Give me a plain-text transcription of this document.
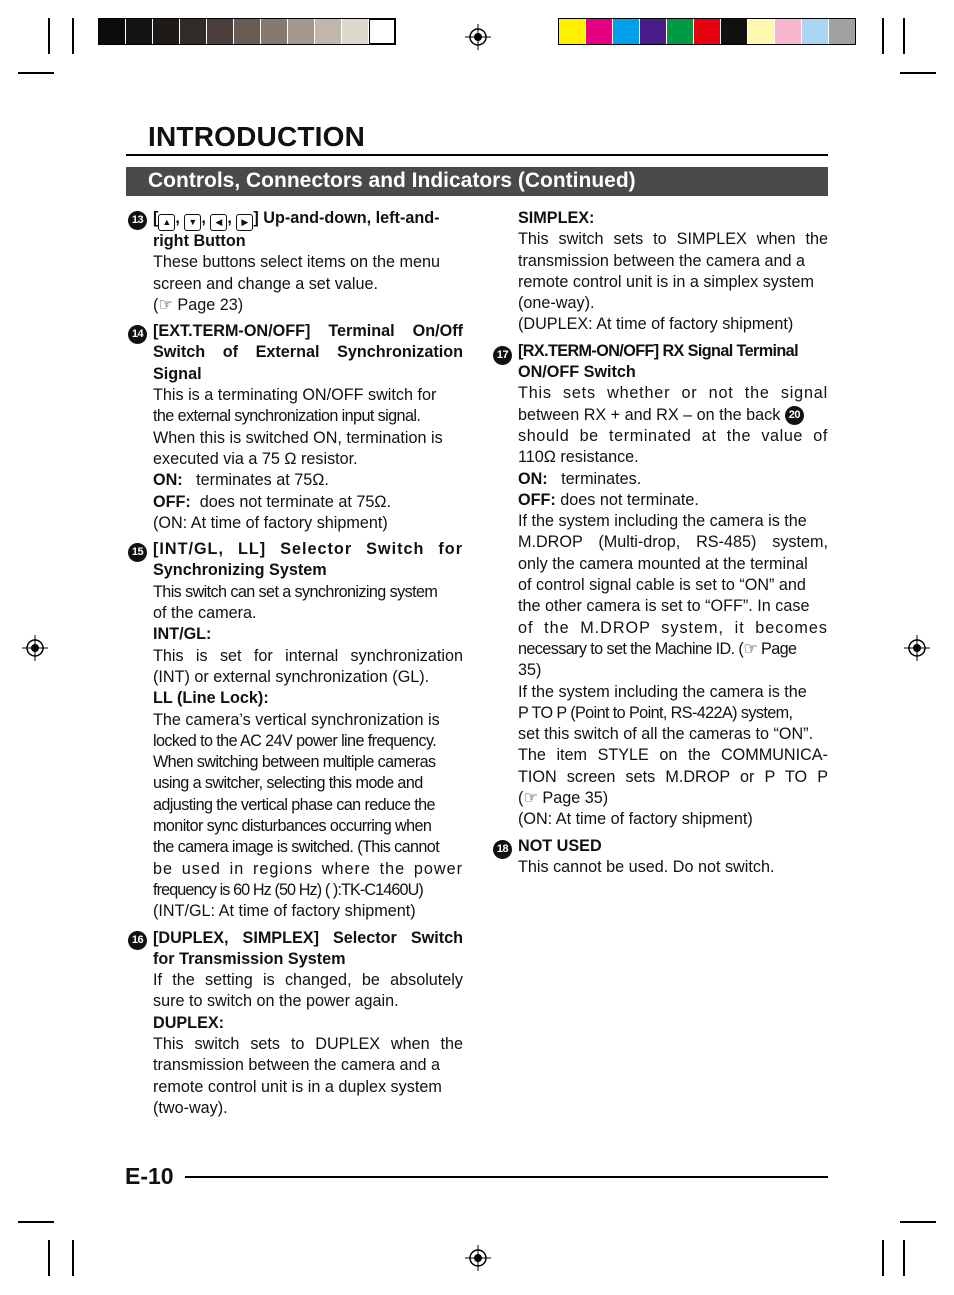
INTRODUCTION
Controls, Connectors and Indicators (Continued)
13 [ ▲ , ▼ , ◀ , ▶ ] Up-and-down, left-and-

right Button

These buttons select items on the menu

screen and change a set value.

(☞ Page 23)

14 [EXT.TERM-ON/OFF] Terminal On/Off

Switch of External Synchronization

Signal

This is a terminating ON/OFF switch for

the external synchronization input signal.

When this is switched ON, termination is

executed via a 75 Ω resistor.

ON: terminates at 75Ω.

OFF: does not terminate at 75Ω.

(ON: At time of factory shipment)

15 [INT/GL, LL] Selector Switch for

Synchronizing System

This switch can set a synchronizing system

of the camera.

INT/GL:

This is set for internal synchronization

(INT) or external synchronization (GL).

LL (Line Lock):

The camera’s vertical synchronization is

locked to the AC 24V power line frequency.

When switching between multiple cameras

using a switcher, selecting this mode and

adjusting the vertical phase can reduce the

monitor sync disturbances occurring when

the camera image is switched. (This cannot

be used in regions where the power

frequency is 60 Hz (50 Hz) ( ):TK-C1460U)

(INT/GL: At time of factory shipment)

16 [DUPLEX, SIMPLEX] Selector Switch

for Transmission System

If the setting is changed, be absolutely

sure to switch on the power again.

DUPLEX:

This switch sets to DUPLEX when the

transmission between the camera and a

remote control unit is in a duplex system

(two-way).

SIMPLEX:

This switch sets to SIMPLEX when the

transmission between the camera and a

remote control unit is in a simplex system

(one-way).

(DUPLEX: At time of factory shipment)

17 [RX.TERM-ON/OFF] RX Signal Terminal

ON/OFF Switch

This sets whether or not the signal

between RX + and RX – on the back 20

should be terminated at the value of

110Ω resistance.

ON: terminates.

OFF: does not terminate.

If the system including the camera is the

M.DROP (Multi-drop, RS-485) system,

only the camera mounted at the terminal

of control signal cable is set to “ON” and

the other camera is set to “OFF”. In case

of the M.DROP system, it becomes

necessary to set the Machine ID. (☞ Page

35)

If the system including the camera is the

P TO P (Point to Point, RS-422A) system,

set this switch of all the cameras to “ON”.

The item STYLE on the COMMUNICA-

TION screen sets M.DROP or P TO P

(☞ Page 35)

(ON: At time of factory shipment)

18 NOT USED

This cannot be used. Do not switch.

E-10
